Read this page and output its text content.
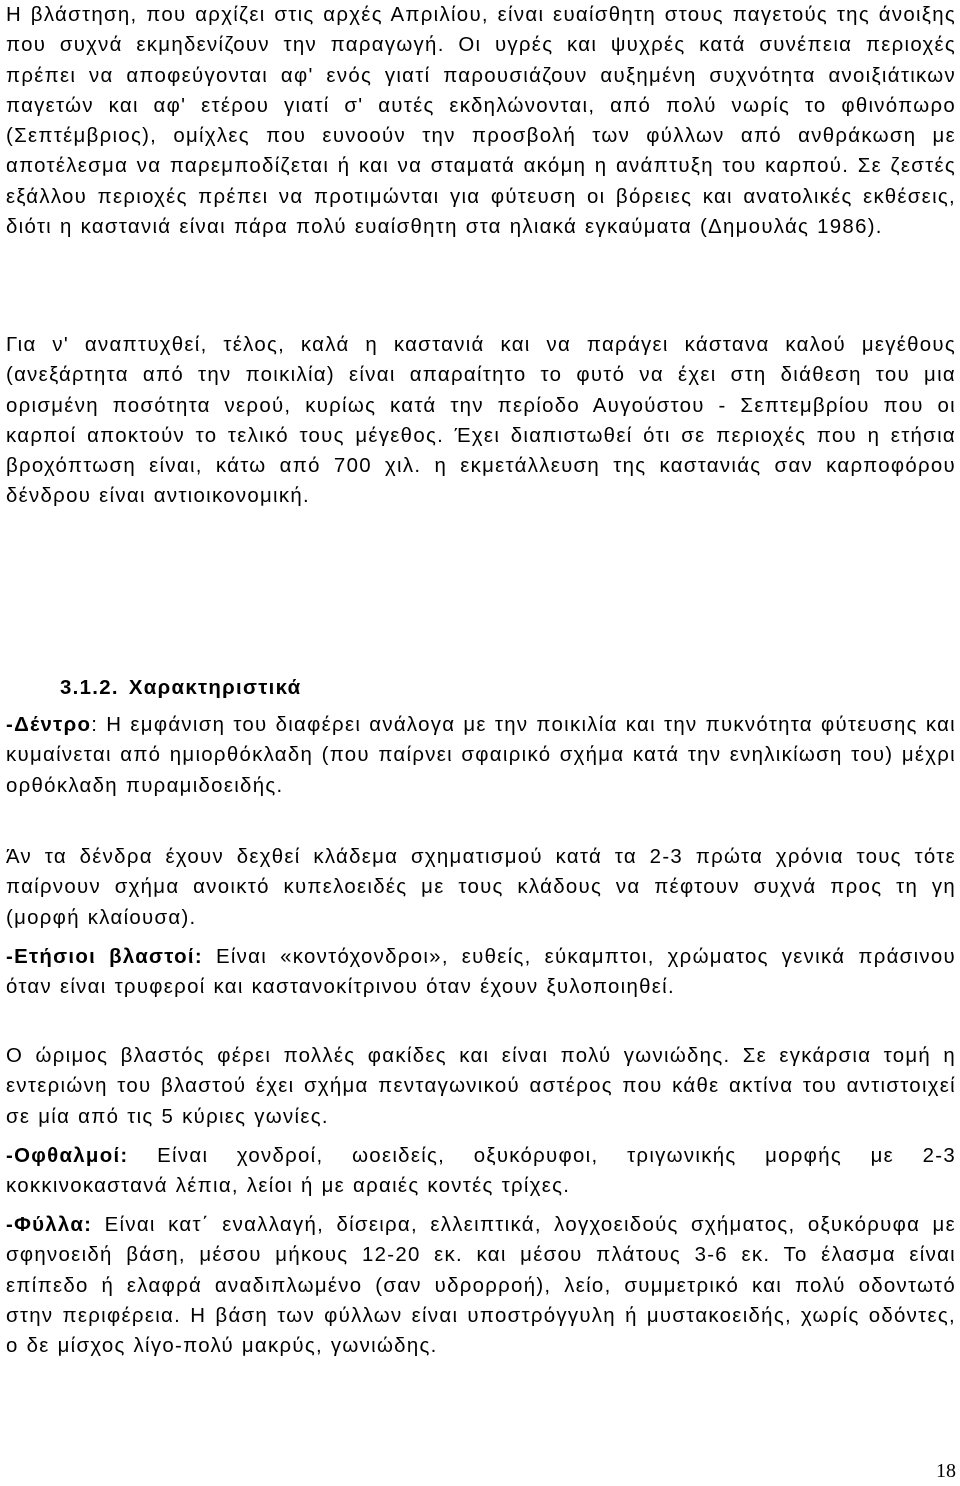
Η βλάστηση, που αρχίζει στις αρχές Απριλίου, είναι ευαίσθητη στους παγετούς της άνοιξης που συχνά εκμηδενίζουν την παραγωγή. Οι υγρές και ψυχρές κατά συνέπεια περιοχές πρέπει να αποφεύγονται αφ' ενός γιατί παρουσιάζουν αυξημένη συχνότητα ανοιξιάτικων παγετών και αφ' ετέρου γιατί σ' αυτές εκδηλώνονται, από πολύ νωρίς το φθινόπωρο (Σεπτέμβριος), ομίχλες που ευνοούν την προσβολή των φύλλων από ανθράκωση με αποτέλεσμα να παρεμποδίζεται ή και να σταματά ακόμη η ανάπτυξη του καρπού. Σε ζεστές εξάλλου περιοχές πρέπει να προτιμώνται για φύτευση οι βόρειες και ανατολικές εκθέσεις, διότι η καστανιά είναι πάρα πολύ ευαίσθητη στα ηλιακά εγκαύματα (Δημουλάς 1986).

Για ν' αναπτυχθεί, τέλος, καλά η καστανιά και να παράγει κάστανα καλού μεγέθους (ανεξάρτητα από την ποικιλία) είναι απαραίτητο το φυτό να έχει στη διάθεση του μια ορισμένη ποσότητα νερού, κυρίως κατά την περίοδο Αυγούστου - Σεπτεμβρίου που οι καρποί αποκτούν το τελικό τους μέγεθος. Έχει διαπιστωθεί ότι σε περιοχές που η ετήσια βροχόπτωση είναι, κάτω από 700 χιλ. η εκμετάλλευση της καστανιάς σαν καρποφόρου δένδρου είναι αντιοικονομική.

3.1.2. Χαρακτηριστικά

-Δέντρο: Η εμφάνιση του διαφέρει ανάλογα με την ποικιλία και την πυκνότητα φύτευσης και κυμαίνεται από ημιορθόκλαδη (που παίρνει σφαιρικό σχήμα κατά την ενηλικίωση του) μέχρι ορθόκλαδη πυραμιδοειδής.

Άν τα δένδρα έχουν δεχθεί κλάδεμα σχηματισμού κατά τα 2-3 πρώτα χρόνια τους τότε παίρνουν σχήμα ανοικτό κυπελοειδές με τους κλάδους να πέφτουν συχνά προς τη γη (μορφή κλαίουσα).

-Ετήσιοι βλαστοί: Είναι «κοντόχονδροι», ευθείς, εύκαμπτοι, χρώματος γενικά πράσινου όταν είναι τρυφεροί και καστανοκίτρινου όταν έχουν ξυλοποιηθεί.

Ο ώριμος βλαστός φέρει πολλές φακίδες και είναι πολύ γωνιώδης. Σε εγκάρσια τομή η εντεριώνη του βλαστού έχει σχήμα πενταγωνικού αστέρος που κάθε ακτίνα του αντιστοιχεί σε μία από τις 5 κύριες γωνίες.

-Οφθαλμοί: Είναι χονδροί, ωοειδείς, οξυκόρυφοι, τριγωνικής μορφής με 2-3 κοκκινοκαστανά λέπια, λείοι ή με αραιές κοντές τρίχες.

-Φύλλα: Είναι κατ΄ εναλλαγή, δίσειρα, ελλειπτικά, λογχοειδούς σχήματος, οξυκόρυφα με σφηνοειδή βάση, μέσου μήκους 12-20 εκ. και μέσου πλάτους 3-6 εκ. Το έλασμα είναι επίπεδο ή ελαφρά αναδιπλωμένο (σαν υδρορροή), λείο, συμμετρικό και πολύ οδοντωτό στην περιφέρεια. Η βάση των φύλλων είναι υποστρόγγυλη ή μυστακοειδής, χωρίς οδόντες, ο δε μίσχος λίγο-πολύ μακρύς, γωνιώδης.

18
